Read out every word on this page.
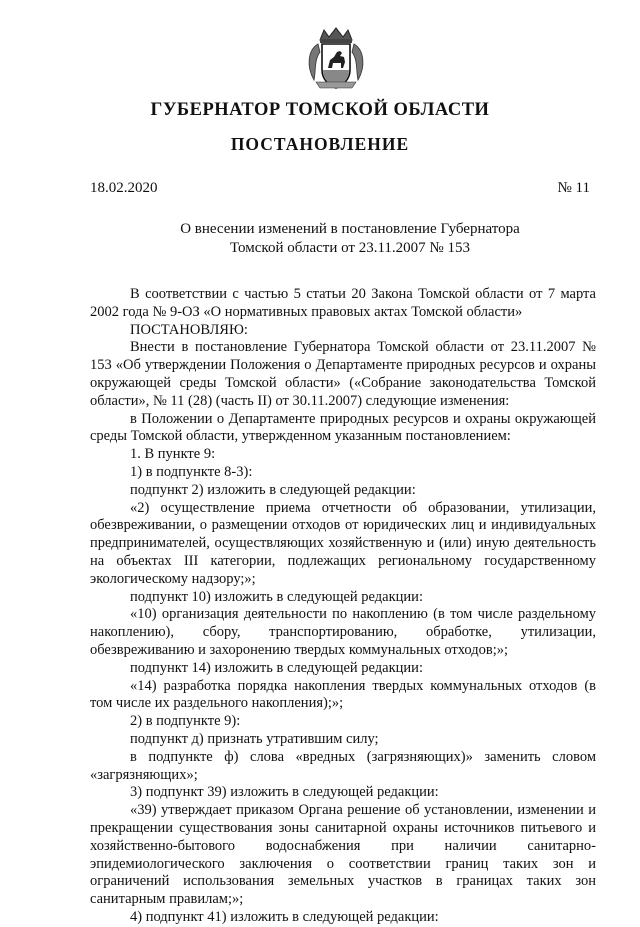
ГУБЕРНАТОР ТОМСКОЙ ОБЛАСТИ
ПОСТАНОВЛЕНИЕ
18.02.2020	№ 11
О внесении изменений в постановление Губернатора
Томской области от 23.11.2007 № 153

В соответствии с частью 5 статьи 20 Закона Томской области от 7 марта 2002 года № 9-ОЗ «О нормативных правовых актах Томской области»

ПОСТАНОВЛЯЮ:

Внести в постановление Губернатора Томской области от 23.11.2007 № 153 «Об утверждении Положения о Департаменте природных ресурсов и охраны окружающей среды Томской области» («Собрание законодательства Томской области», № 11 (28) (часть II) от 30.11.2007) следующие изменения:

в Положении о Департаменте природных ресурсов и охраны окружающей среды Томской области, утвержденном указанным постановлением:

1. В пункте 9:

1) в подпункте 8-3):

подпункт 2) изложить в следующей редакции:

«2) осуществление приема отчетности об образовании, утилизации, обезвреживании, о размещении отходов от юридических лиц и индивидуальных предпринимателей, осуществляющих хозяйственную и (или) иную деятельность на объектах III категории, подлежащих региональному государственному экологическому надзору;»;

подпункт 10) изложить в следующей редакции:

«10) организация деятельности по накоплению (в том числе раздельному накоплению), сбору, транспортированию, обработке, утилизации, обезвреживанию и захоронению твердых коммунальных отходов;»;

подпункт 14) изложить в следующей редакции:

«14) разработка порядка накопления твердых коммунальных отходов (в том числе их раздельного накопления);»;

2) в подпункте 9):

подпункт д) признать утратившим силу;

в подпункте ф) слова «вредных (загрязняющих)» заменить словом «загрязняющих»;

3) подпункт 39) изложить в следующей редакции:

«39) утверждает приказом Органа решение об установлении, изменении и прекращении существования зоны санитарной охраны источников питьевого и хозяйственно-бытового водоснабжения при наличии санитарно-эпидемиологического заключения о соответствии границ таких зон и ограничений использования земельных участков в границах таких зон санитарным правилам;»;

4) подпункт 41) изложить в следующей редакции:
